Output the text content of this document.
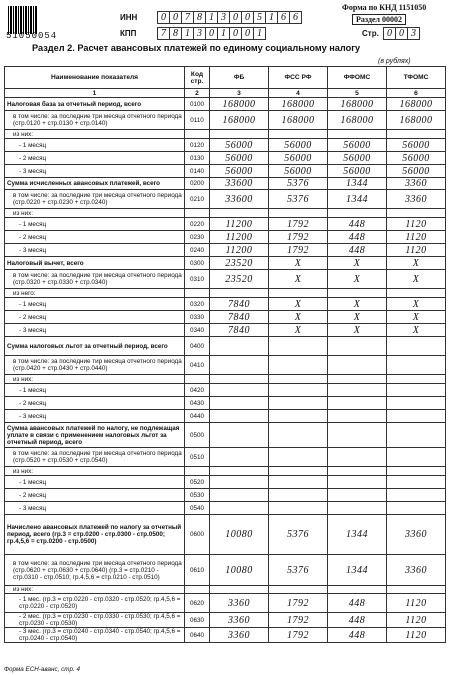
51050054
ИНН	0 0 7 8 1 3 0 0 5 1 6 6
КПП	7 8 1 3 0 1 0 0 1	Стр. 0 0 3
Форма по КНД 1151050
Раздел 00002
Раздел 2. Расчет авансовых платежей по единому социальному налогу
(в рублях)
Наименование показателя	Код стр.	ФБ	ФСС РФ	ФФОМС	ТФОМС
1	2	3	4	5	6
Налоговая база за отчетный период, всего	0100	168000	168000	168000	168000
в том числе: за последние три месяца отчетного периода (стр.0120 + стр.0130 + стр.0140)	0110	168000	168000	168000	168000
из них:					
- 1 месяц	0120	56000	56000	56000	56000
- 2 месяц	0130	56000	56000	56000	56000
- 3 месяц	0140	56000	56000	56000	56000
Сумма исчисленных авансовых платежей, всего	0200	33600	5376	1344	3360
в том числе: за последние три месяца отчетного периода (стр.0220 + стр.0230 + стр.0240)	0210	33600	5376	1344	3360
из них:					
- 1 месяц	0220	11200	1792	448	1120
- 2 месяц	0230	11200	1792	448	1120
- 3 месяц	0240	11200	1792	448	1120
Налоговый вычет, всего	0300	23520	X	X	X
в том числе: за последние три месяца отчетного периода (стр.0320 + стр.0330 + стр.0340)	0310	23520	X	X	X
из него:					
- 1 месяц	0320	7840	X	X	X
- 2 месяц	0330	7840	X	X	X
- 3 месяц	0340	7840	X	X	X
Сумма налоговых льгот за отчетный период, всего	0400				
в том числе: за последние тир месяца отчетного периода (стр.0420 + стр.0430 + стр.0440)	0410				
из них:					
- 1 месяц	0420				
- 2 месяц	0430				
- 3 месяц	0440				
Сумма авансовых платежей по налогу, не подлежащая уплате в связи с применением налоговых льгот за отчетный период, всего	0500				
в том числе: за последние три месяца отчетного периода (стр.0520 + стр.0530 + стр.0540)	0510				
из них:					
- 1 месяц	0520				
- 2 месяц	0530				
- 3 месяц	0540				
Начислено авансовых платежей по налогу за отчетный период, всего (гр.3 = стр.0200 - стр.0300 - стр.0500; гр.4,5,6 = стр.0200 - стр.0500)	0600	10080	5376	1344	3360
в том числе: за последние три месяца отчетного периода (стр.0620 + стр.0630 + стр.0640) (гр.3 = стр.0210 - стр.0310 - стр.0510; гр.4,5,6 = стр.0210 - стр.0510)	0610	10080	5376	1344	3360
из них:					
- 1 мес. (гр.3 = стр.0220 - стр.0320 - стр.0520; гр.4,5,6 = стр.0220 - стр.0520)	0620	3360	1792	448	1120
- 2 мес. (гр.3 = стр.0230 - стр.0330 - стр.0530; гр.4,5,6 = стр.0230 - стр.0530)	0630	3360	1792	448	1120
- 3 мес. (гр.3 = стр.0240 - стр.0340 - стр.0540; гр.4,5,6 = стр.0240 - стр.0540)	0640	3360	1792	448	1120
Форма ЕСН-аванс, стр. 4
